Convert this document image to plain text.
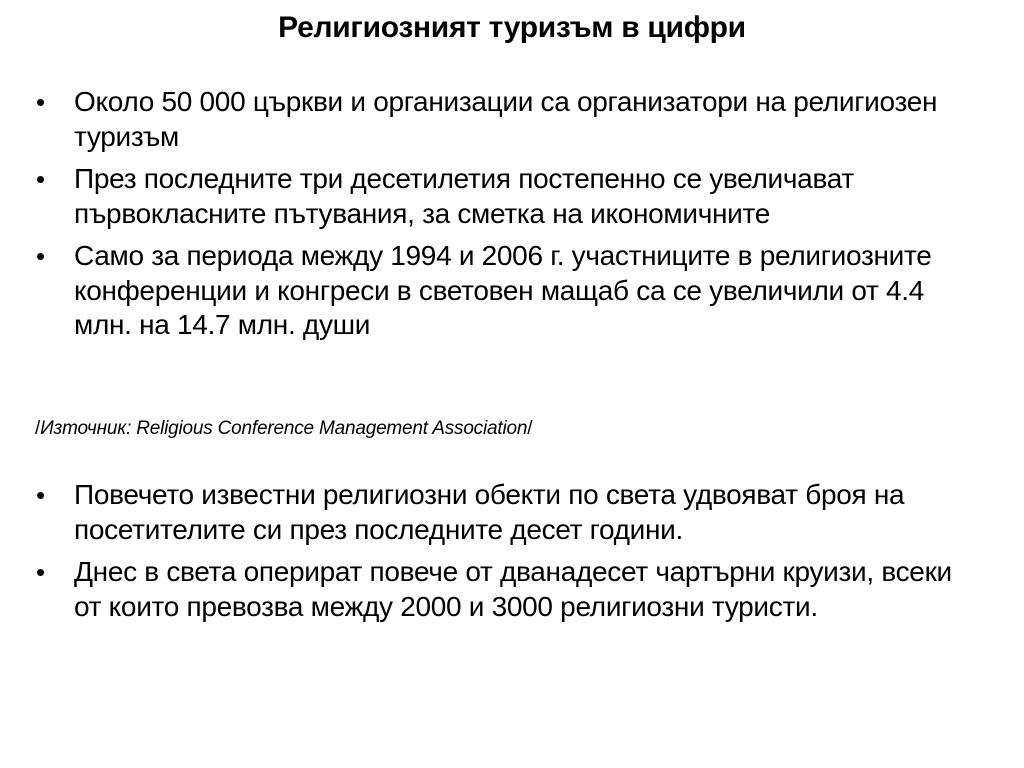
Религиозният туризъм в цифри
•	Около 50 000 църкви и организации са организатори на религиозен туризъм
•	През последните три десетилетия постепенно се увеличават първокласните пътувания, за сметка на икономичните
•	Само за периода между 1994 и 2006 г. участниците в религиозните конференции и конгреси в световен мащаб са се увеличили от 4.4 млн. на 14.7 млн. души
/Източник: Religious Conference Management Association/
•	Повечето известни религиозни обекти по света удвояват броя на посетителите си през последните десет години.
•	Днес в света оперират повече от дванадесет чартърни круизи, всеки от които превозва между 2000 и 3000 религиозни туристи.
